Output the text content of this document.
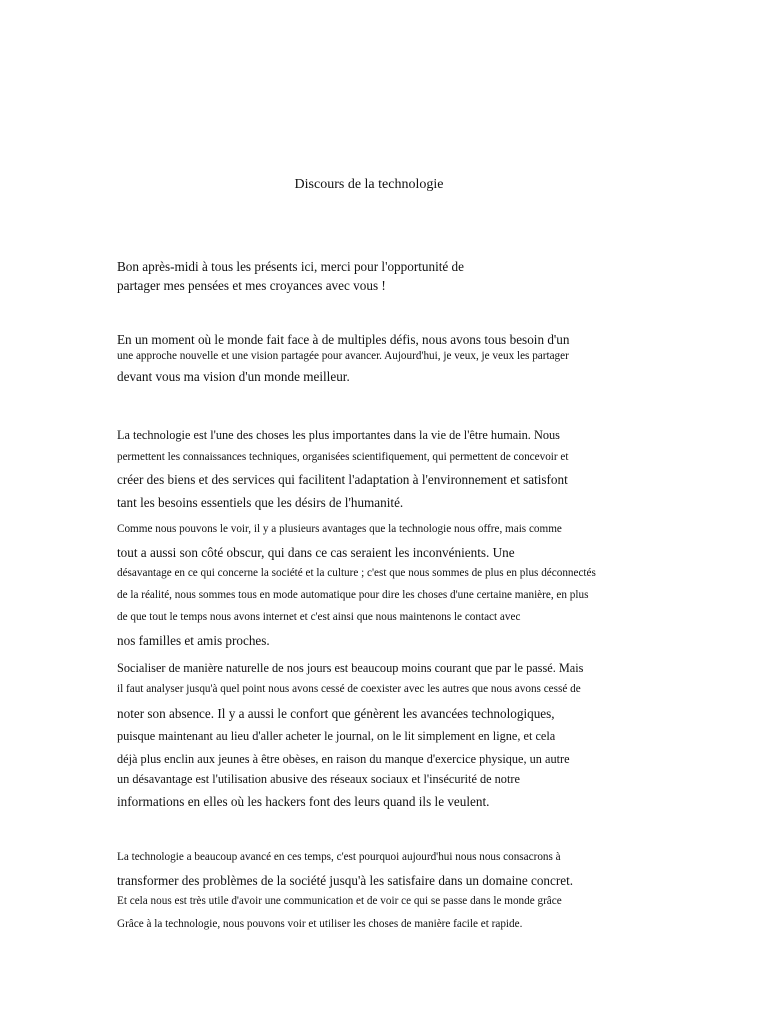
Discours de la technologie
Bon après-midi à tous les présents ici, merci pour l'opportunité de
partager mes pensées et mes croyances avec vous !
En un moment où le monde fait face à de multiples défis, nous avons tous besoin d'un
une approche nouvelle et une vision partagée pour avancer. Aujourd'hui, je veux, je veux les partager
devant vous ma vision d'un monde meilleur.
La technologie est l'une des choses les plus importantes dans la vie de l'être humain. Nous
permettent les connaissances techniques, organisées scientifiquement, qui permettent de concevoir et
créer des biens et des services qui facilitent l'adaptation à l'environnement et satisfont
tant les besoins essentiels que les désirs de l'humanité.
Comme nous pouvons le voir, il y a plusieurs avantages que la technologie nous offre, mais comme
tout a aussi son côté obscur, qui dans ce cas seraient les inconvénients. Une
désavantage en ce qui concerne la société et la culture ; c'est que nous sommes de plus en plus déconnectés
de la réalité, nous sommes tous en mode automatique pour dire les choses d'une certaine manière, en plus
de que tout le temps nous avons internet et c'est ainsi que nous maintenons le contact avec
nos familles et amis proches.
Socialiser de manière naturelle de nos jours est beaucoup moins courant que par le passé. Mais
il faut analyser jusqu'à quel point nous avons cessé de coexister avec les autres que nous avons cessé de
noter son absence. Il y a aussi le confort que génèrent les avancées technologiques,
puisque maintenant au lieu d'aller acheter le journal, on le lit simplement en ligne, et cela
déjà plus enclin aux jeunes à être obèses, en raison du manque d'exercice physique, un autre
un désavantage est l'utilisation abusive des réseaux sociaux et l'insécurité de notre
informations en elles où les hackers font des leurs quand ils le veulent.
La technologie a beaucoup avancé en ces temps, c'est pourquoi aujourd'hui nous nous consacrons à
transformer des problèmes de la société jusqu'à les satisfaire dans un domaine concret.
Et cela nous est très utile d'avoir une communication et de voir ce qui se passe dans le monde grâce
Grâce à la technologie, nous pouvons voir et utiliser les choses de manière facile et rapide.
